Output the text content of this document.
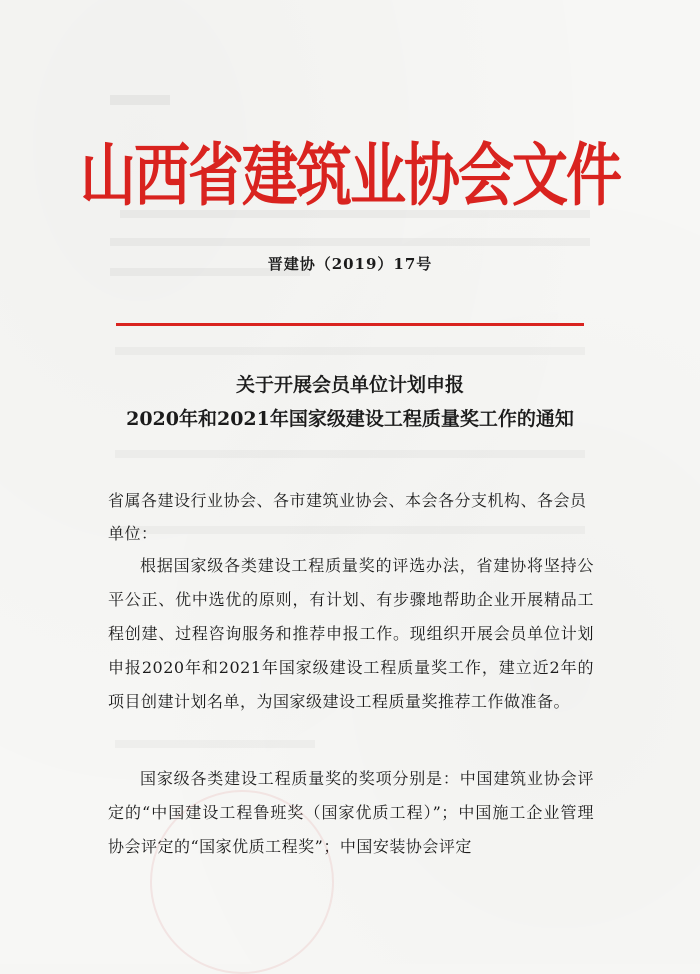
山西省建筑业协会文件

晋建协（2019）17号

关于开展会员单位计划申报
2020年和2021年国家级建设工程质量奖工作的通知

省属各建设行业协会、各市建筑业协会、本会各分支机构、各会员单位：

根据国家级各类建设工程质量奖的评选办法，省建协将坚持公平公正、优中选优的原则，有计划、有步骤地帮助企业开展精品工程创建、过程咨询服务和推荐申报工作。现组织开展会员单位计划申报2020年和2021年国家级建设工程质量奖工作，建立近2年的项目创建计划名单，为国家级建设工程质量奖推荐工作做准备。

国家级各类建设工程质量奖的奖项分别是：中国建筑业协会评定的“中国建设工程鲁班奖（国家优质工程）”；中国施工企业管理协会评定的“国家优质工程奖”；中国安装协会评定
